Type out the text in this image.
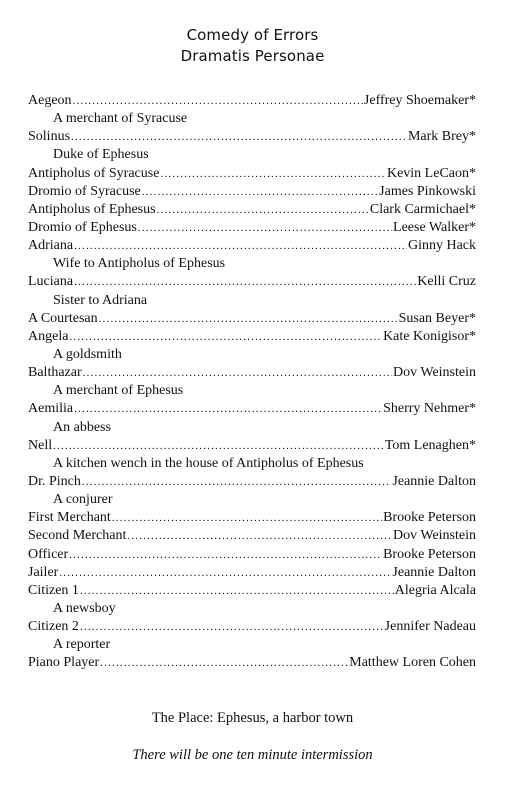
Comedy of Errors
Dramatis Personae
Aegeon .....	Jeffrey Shoemaker*
A merchant of Syracuse
Solinus .....	Mark Brey*
Duke of Ephesus
Antipholus of Syracuse .....	Kevin LeCaon*
Dromio of Syracuse .....	James Pinkowski
Antipholus of Ephesus .....	Clark Carmichael*
Dromio of Ephesus .....	Leese Walker*
Adriana .....	Ginny Hack
Wife to Antipholus of Ephesus
Luciana .....	Kelli Cruz
Sister to Adriana
A Courtesan .....	Susan Beyer*
Angela .....	Kate Konigisor*
A goldsmith
Balthazar .....	Dov Weinstein
A merchant of Ephesus
Aemilia .....	Sherry Nehmer*
An abbess
Nell .....	Tom Lenaghen*
A kitchen wench in the house of Antipholus of Ephesus
Dr. Pinch .....	Jeannie Dalton
A conjurer
First Merchant .....	Brooke Peterson
Second Merchant .....	Dov Weinstein
Officer .....	Brooke Peterson
Jailer .....	Jeannie Dalton
Citizen 1 .....	Alegria Alcala
A newsboy
Citizen 2 .....	Jennifer Nadeau
A reporter
Piano Player .....	Matthew Loren Cohen
The Place: Ephesus, a harbor town
There will be one ten minute intermission
